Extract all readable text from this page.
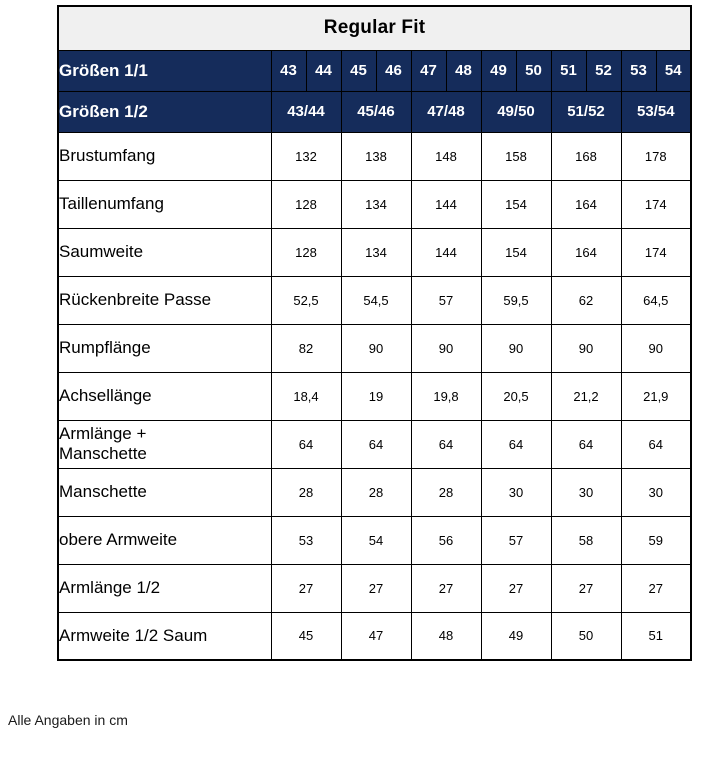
Regular Fit												
Größen 1/1	43	44	45	46	47	48	49	50	51	52	53	54
Größen 1/2	43/44		45/46		47/48		49/50		51/52		53/54	
Brustumfang	132		138		148		158		168		178	
Taillenumfang	128		134		144		154		164		174	
Saumweite	128		134		144		154		164		174	
Rückenbreite Passe	52,5		54,5		57		59,5		62		64,5	
Rumpflänge	82		90		90		90		90		90	
Achsellänge	18,4		19		19,8		20,5		21,2		21,9	
Armlänge +
Manschette	64		64		64		64		64		64	
Manschette	28		28		28		30		30		30	
obere Armweite	53		54		56		57		58		59	
Armlänge 1/2	27		27		27		27		27		27	
Armweite 1/2 Saum	45		47		48		49		50		51	
Alle Angaben in cm
